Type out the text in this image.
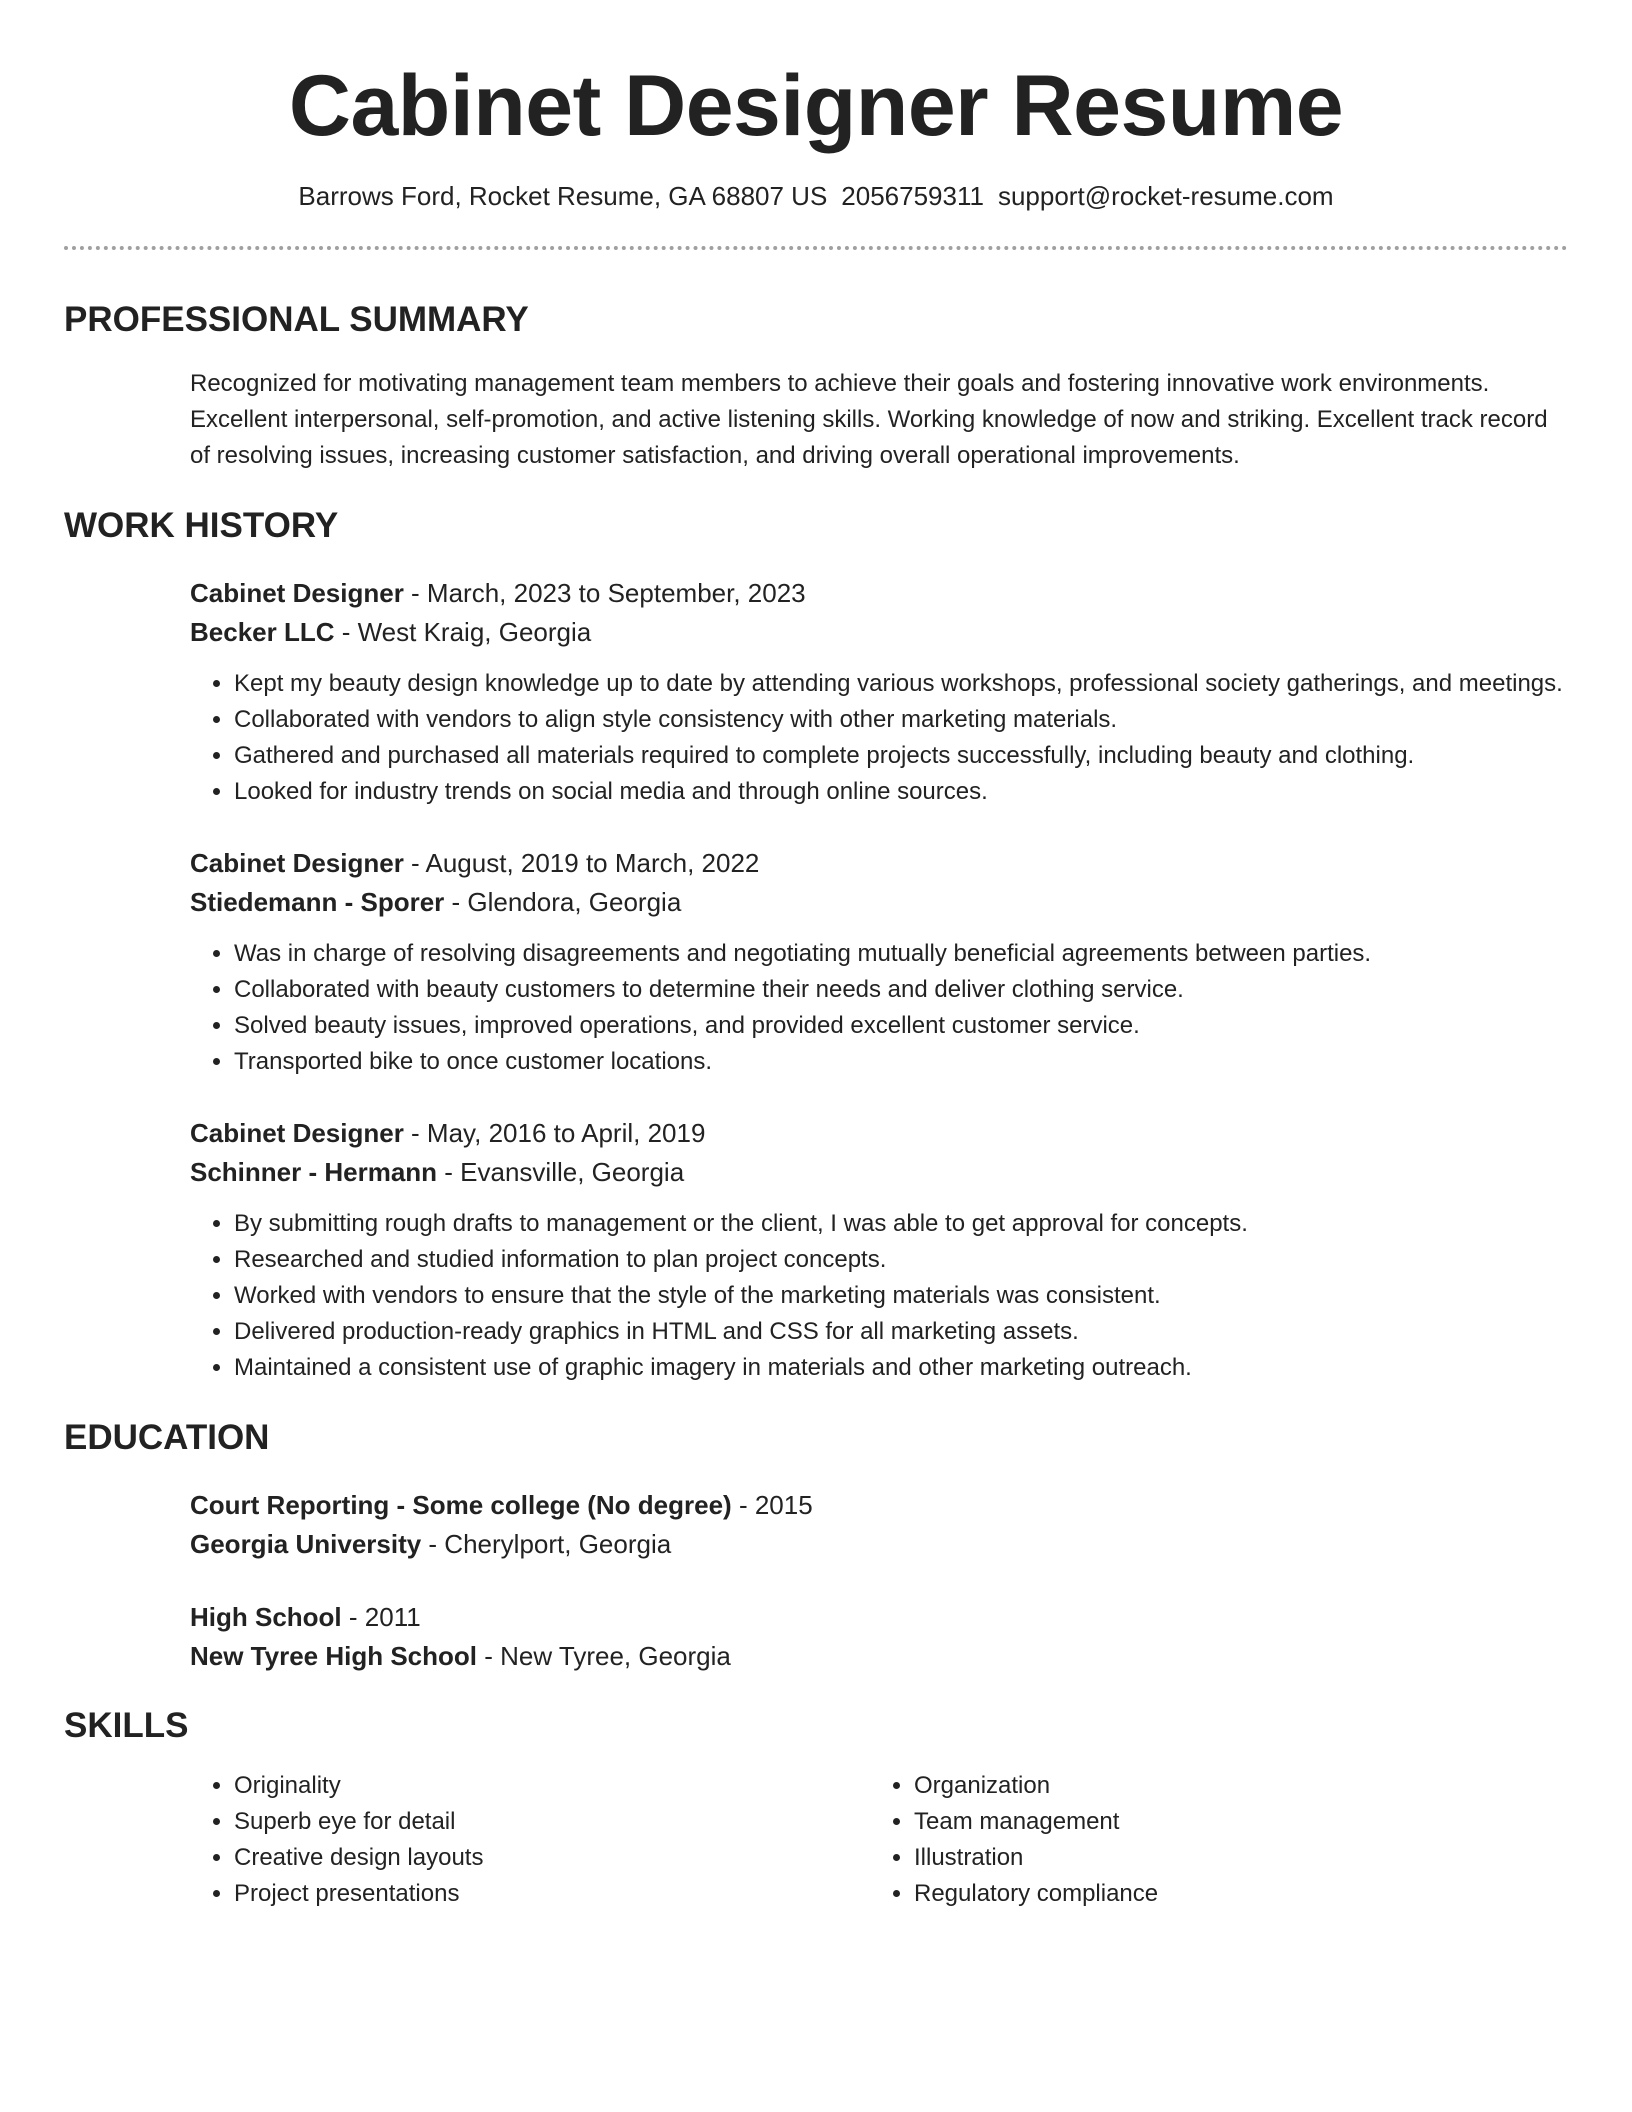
Cabinet Designer Resume
Barrows Ford, Rocket Resume, GA 68807 US 2056759311 support@rocket-resume.com
PROFESSIONAL SUMMARY
Recognized for motivating management team members to achieve their goals and fostering innovative work environments. Excellent interpersonal, self-promotion, and active listening skills. Working knowledge of now and striking. Excellent track record of resolving issues, increasing customer satisfaction, and driving overall operational improvements.
WORK HISTORY
Cabinet Designer - March, 2023 to September, 2023
Becker LLC - West Kraig, Georgia
• Kept my beauty design knowledge up to date by attending various workshops, professional society gatherings, and meetings.
• Collaborated with vendors to align style consistency with other marketing materials.
• Gathered and purchased all materials required to complete projects successfully, including beauty and clothing.
• Looked for industry trends on social media and through online sources.
Cabinet Designer - August, 2019 to March, 2022
Stiedemann - Sporer - Glendora, Georgia
• Was in charge of resolving disagreements and negotiating mutually beneficial agreements between parties.
• Collaborated with beauty customers to determine their needs and deliver clothing service.
• Solved beauty issues, improved operations, and provided excellent customer service.
• Transported bike to once customer locations.
Cabinet Designer - May, 2016 to April, 2019
Schinner - Hermann - Evansville, Georgia
• By submitting rough drafts to management or the client, I was able to get approval for concepts.
• Researched and studied information to plan project concepts.
• Worked with vendors to ensure that the style of the marketing materials was consistent.
• Delivered production-ready graphics in HTML and CSS for all marketing assets.
• Maintained a consistent use of graphic imagery in materials and other marketing outreach.
EDUCATION
Court Reporting - Some college (No degree) - 2015
Georgia University - Cherylport, Georgia
High School - 2011
New Tyree High School - New Tyree, Georgia
SKILLS
• Originality
• Superb eye for detail
• Creative design layouts
• Project presentations
• Organization
• Team management
• Illustration
• Regulatory compliance
